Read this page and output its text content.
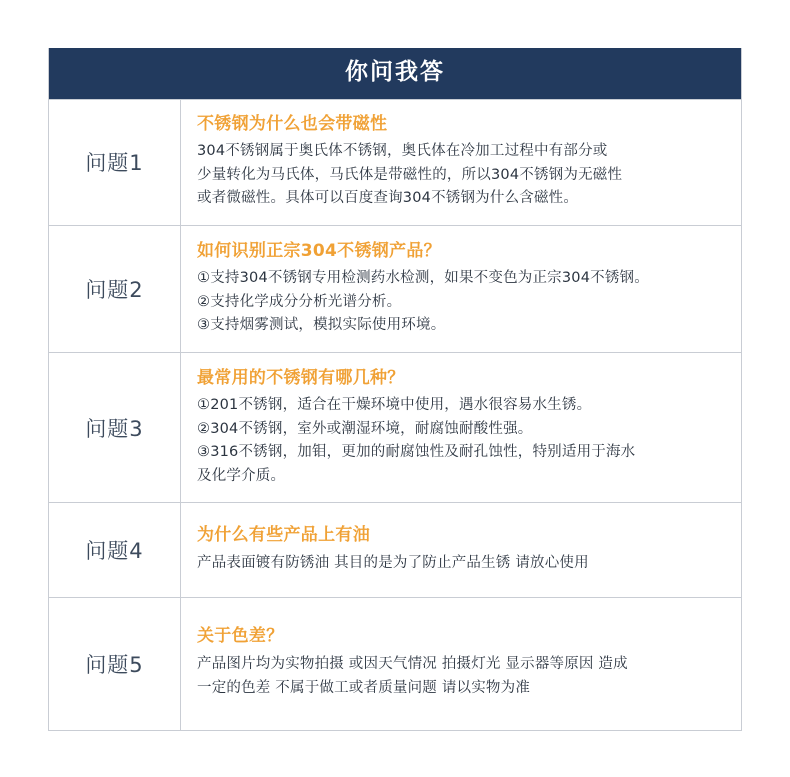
你问我答
问题1
不锈钢为什么也会带磁性
304不锈钢属于奥氏体不锈钢，奥氏体在冷加工过程中有部分或
少量转化为马氏体，马氏体是带磁性的，所以304不锈钢为无磁性
或者微磁性。具体可以百度查询304不锈钢为什么含磁性。
问题2
如何识别正宗304不锈钢产品？
①支持304不锈钢专用检测药水检测，如果不变色为正宗304不锈钢。
②支持化学成分分析光谱分析。
③支持烟雾测试，模拟实际使用环境。
问题3
最常用的不锈钢有哪几种？
①201不锈钢，适合在干燥环境中使用，遇水很容易水生锈。
②304不锈钢，室外或潮湿环境，耐腐蚀耐酸性强。
③316不锈钢，加钼，更加的耐腐蚀性及耐孔蚀性，特别适用于海水
及化学介质。
问题4
为什么有些产品上有油
产品表面镀有防锈油 其目的是为了防止产品生锈 请放心使用
问题5
关于色差？
产品图片均为实物拍摄 或因天气情况 拍摄灯光 显示器等原因 造成
一定的色差 不属于做工或者质量问题 请以实物为准
